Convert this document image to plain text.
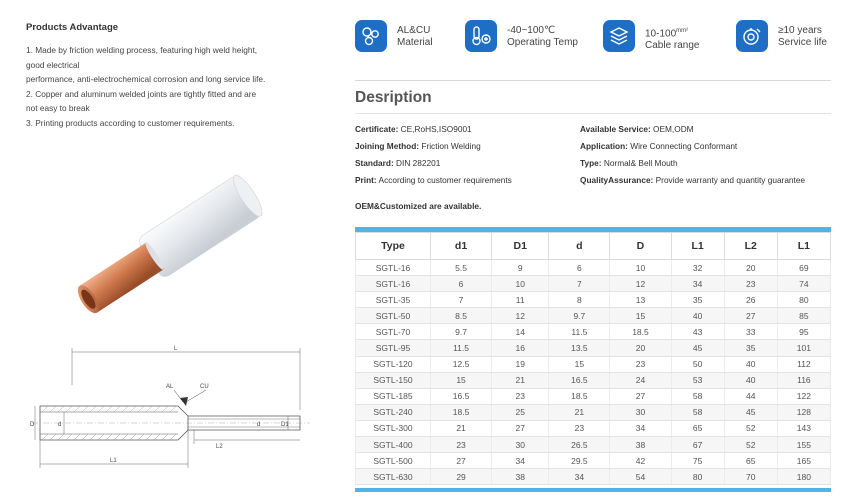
Products Advantage
1. Made by friction welding process, featuring high weld height,
good electrical
performance, anti-electrochemical corrosion and long service life.
2. Copper and aluminum welded joints are tightly fitted and are
not easy to break
3. Printing products according to customer requirements.
L
AL	CU
D	d	d	D1
L1
L2
AL&CU
Material
-40~100℃
Operating Temp
$10-100^{mm^2}$
Cable range
≥10 years
Service life
Desription
Certificate: CE,RoHS,ISO9001	Available Service: OEM,ODM
Joining Method: Friction Welding	Application: Wire Connecting Conformant
Standard: DIN 282201	Type: Normal& Bell Mouth
Print: According to customer requirements	QualityAssurance: Provide warranty and quantity guarantee
OEM&Customized are available.
Type	d1	D1	d	D	L1	L2	L1
SGTL-16	5.5	9	6	10	32	20	69
SGTL-16	6	10	7	12	34	23	74
SGTL-35	7	11	8	13	35	26	80
SGTL-50	8.5	12	9.7	15	40	27	85
SGTL-70	9.7	14	11.5	18.5	43	33	95
SGTL-95	11.5	16	13.5	20	45	35	101
SGTL-120	12.5	19	15	23	50	40	112
SGTL-150	15	21	16.5	24	53	40	116
SGTL-185	16.5	23	18.5	27	58	44	122
SGTL-240	18.5	25	21	30	58	45	128
SGTL-300	21	27	23	34	65	52	143
SGTL-400	23	30	26.5	38	67	52	155
SGTL-500	27	34	29.5	42	75	65	165
SGTL-630	29	38	34	54	80	70	180
